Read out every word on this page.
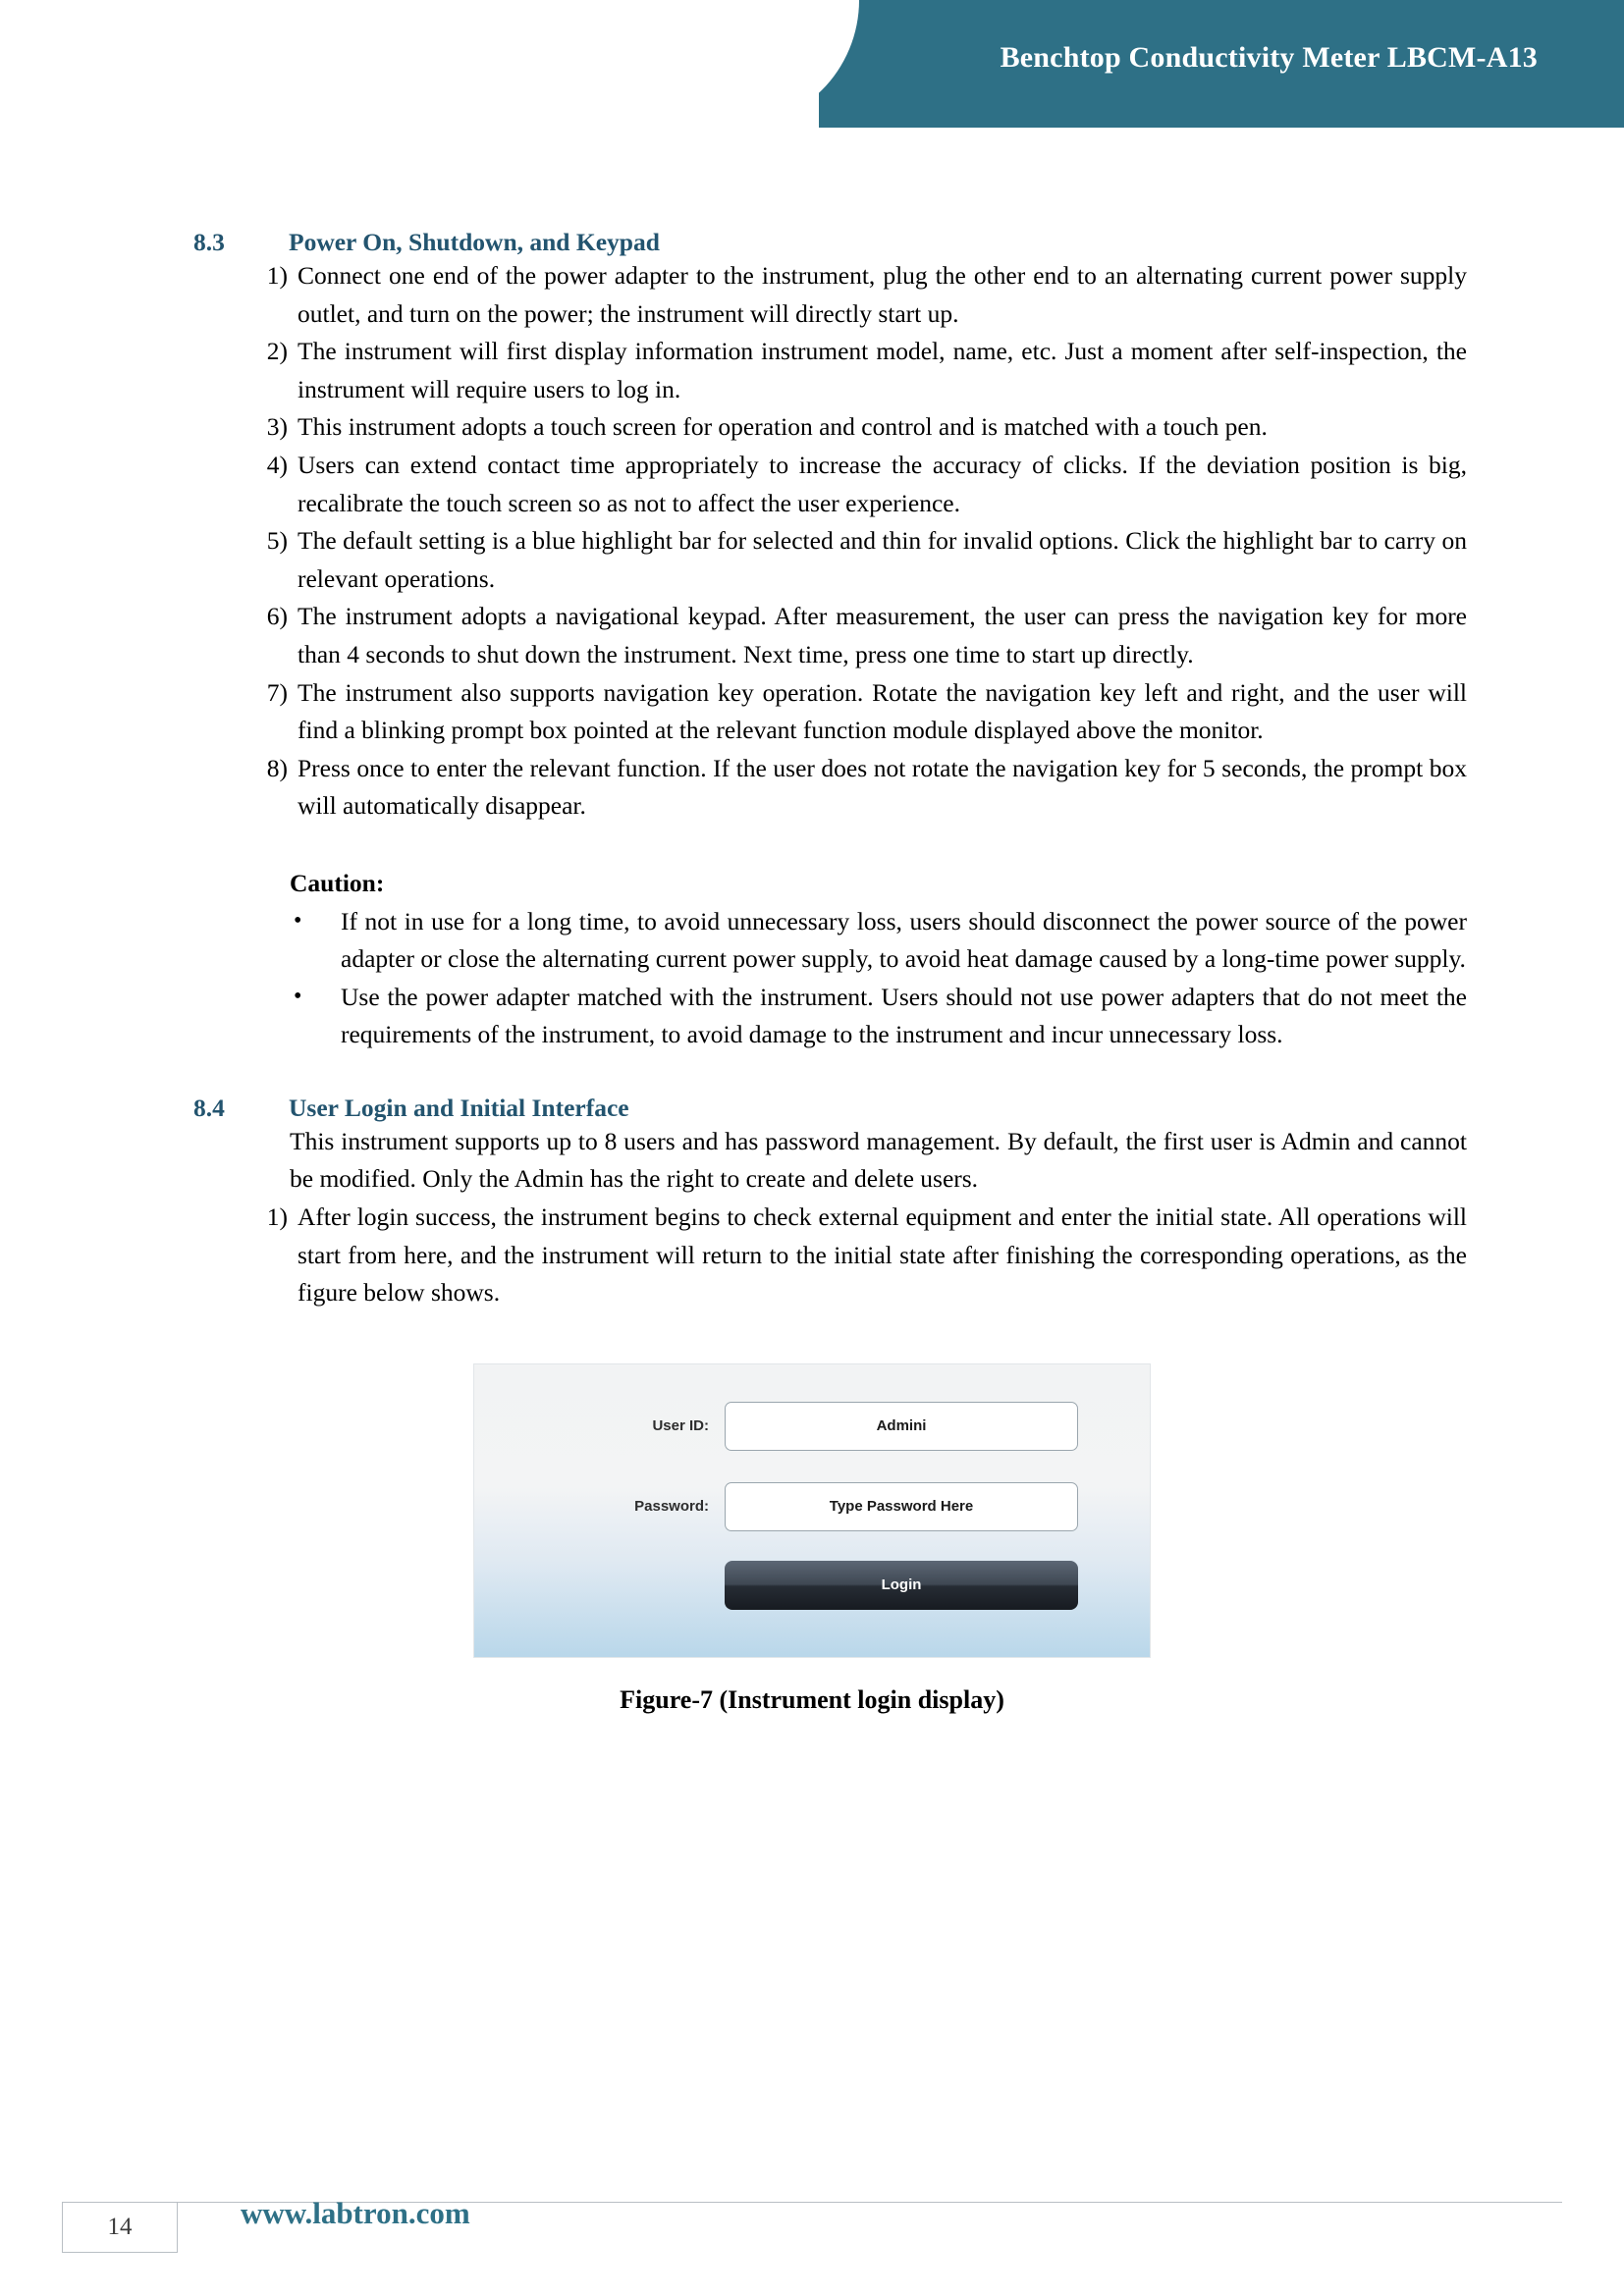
Benchtop Conductivity Meter LBCM-A13
8.3	Power On, Shutdown, and Keypad
1) Connect one end of the power adapter to the instrument, plug the other end to an alternating current power supply outlet, and turn on the power; the instrument will directly start up.
2) The instrument will first display information instrument model, name, etc. Just a moment after self-inspection, the instrument will require users to log in.
3) This instrument adopts a touch screen for operation and control and is matched with a touch pen.
4) Users can extend contact time appropriately to increase the accuracy of clicks. If the deviation position is big, recalibrate the touch screen so as not to affect the user experience.
5) The default setting is a blue highlight bar for selected and thin for invalid options. Click the highlight bar to carry on relevant operations.
6) The instrument adopts a navigational keypad. After measurement, the user can press the navigation key for more than 4 seconds to shut down the instrument. Next time, press one time to start up directly.
7) The instrument also supports navigation key operation. Rotate the navigation key left and right, and the user will find a blinking prompt box pointed at the relevant function module displayed above the monitor.
8) Press once to enter the relevant function. If the user does not rotate the navigation key for 5 seconds, the prompt box will automatically disappear.
Caution:
• If not in use for a long time, to avoid unnecessary loss, users should disconnect the power source of the power adapter or close the alternating current power supply, to avoid heat damage caused by a long-time power supply.
• Use the power adapter matched with the instrument. Users should not use power adapters that do not meet the requirements of the instrument, to avoid damage to the instrument and incur unnecessary loss.
8.4	User Login and Initial Interface
This instrument supports up to 8 users and has password management. By default, the first user is Admin and cannot be modified. Only the Admin has the right to create and delete users.
1) After login success, the instrument begins to check external equipment and enter the initial state. All operations will start from here, and the instrument will return to the initial state after finishing the corresponding operations, as the figure below shows.
User ID:	Admini
Password:	Type Password Here
Login
Figure-7 (Instrument login display)
14	www.labtron.com
